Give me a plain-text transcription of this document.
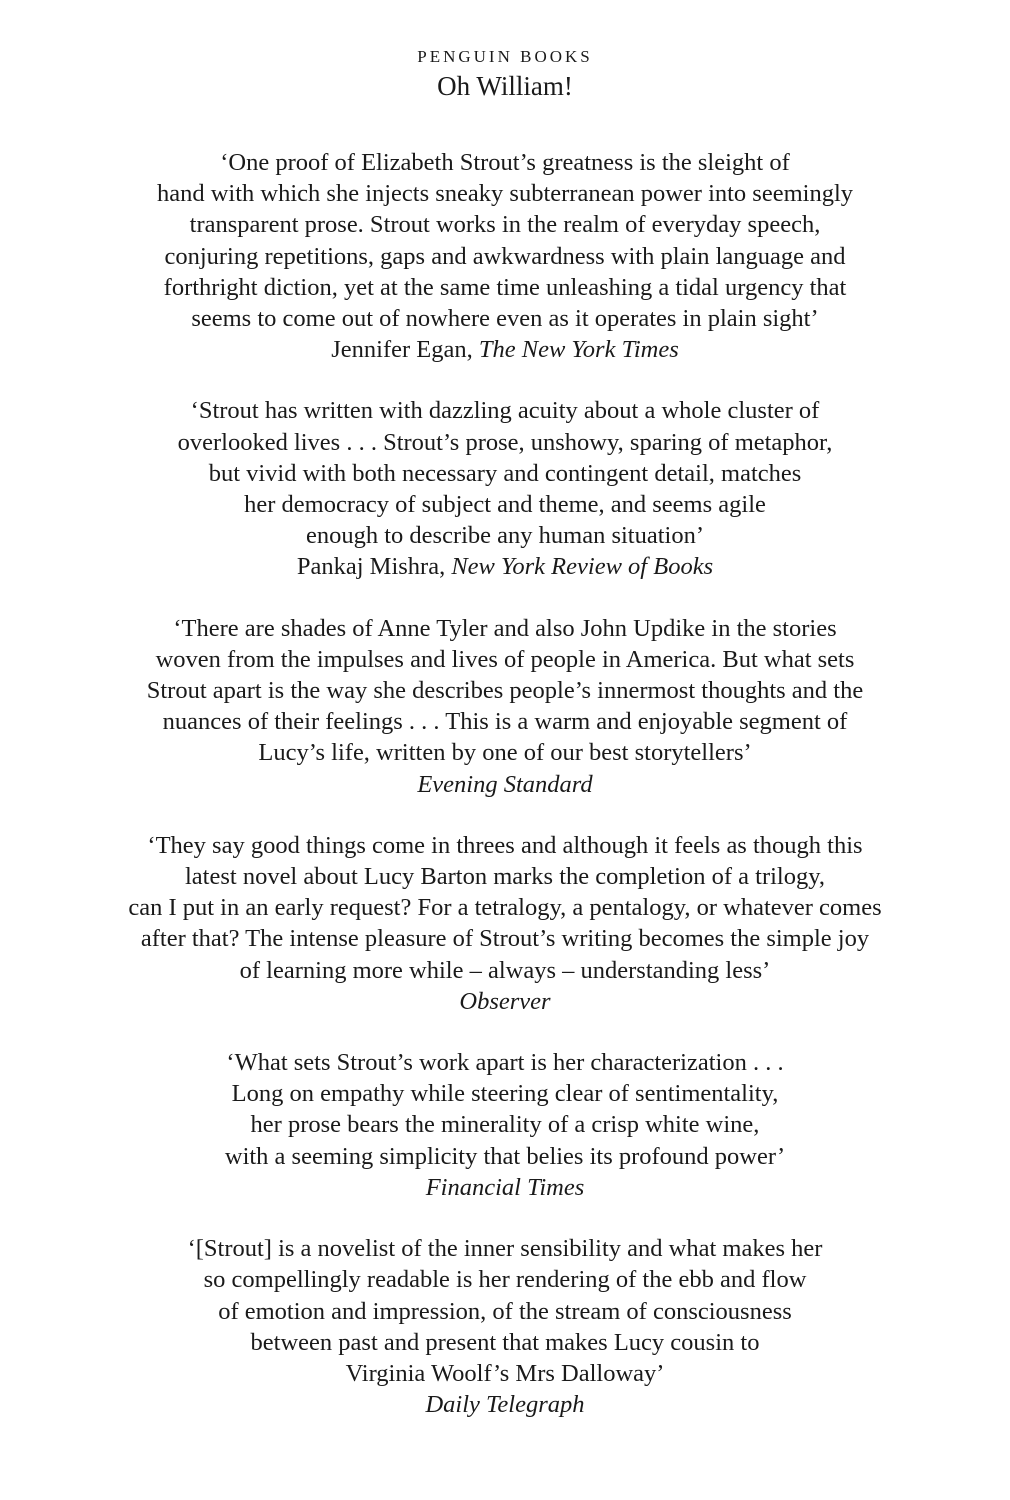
PENGUIN BOOKS
Oh William!
‘One proof of Elizabeth Strout’s greatness is the sleight of
hand with which she injects sneaky subterranean power into seemingly
transparent prose. Strout works in the realm of everyday speech,
conjuring repetitions, gaps and awkwardness with plain language and
forthright diction, yet at the same time unleashing a tidal urgency that
seems to come out of nowhere even as it operates in plain sight’
Jennifer Egan, The New York Times
‘Strout has written with dazzling acuity about a whole cluster of
overlooked lives . . . Strout’s prose, unshowy, sparing of metaphor,
but vivid with both necessary and contingent detail, matches
her democracy of subject and theme, and seems agile
enough to describe any human situation’
Pankaj Mishra, New York Review of Books
‘There are shades of Anne Tyler and also John Updike in the stories
woven from the impulses and lives of people in America. But what sets
Strout apart is the way she describes people’s innermost thoughts and the
nuances of their feelings . . . This is a warm and enjoyable segment of
Lucy’s life, written by one of our best storytellers’
Evening Standard
‘They say good things come in threes and although it feels as though this
latest novel about Lucy Barton marks the completion of a trilogy,
can I put in an early request? For a tetralogy, a pentalogy, or whatever comes
after that? The intense pleasure of Strout’s writing becomes the simple joy
of learning more while – always – understanding less’
Observer
‘What sets Strout’s work apart is her characterization . . .
Long on empathy while steering clear of sentimentality,
her prose bears the minerality of a crisp white wine,
with a seeming simplicity that belies its profound power’
Financial Times
‘[Strout] is a novelist of the inner sensibility and what makes her
so compellingly readable is her rendering of the ebb and flow
of emotion and impression, of the stream of consciousness
between past and present that makes Lucy cousin to
Virginia Woolf’s Mrs Dalloway’
Daily Telegraph
